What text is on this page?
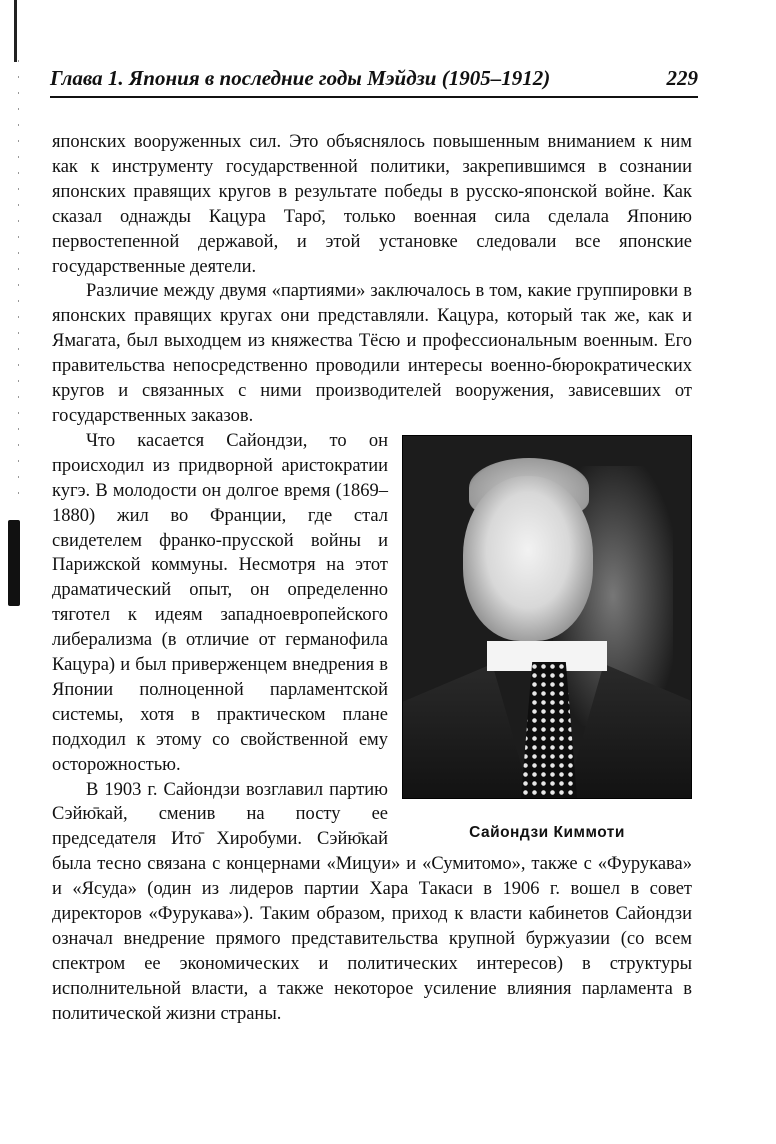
Глава 1. Япония в последние годы Мэйдзи (1905–1912)	229

японских вооруженных сил. Это объяснялось повышенным вниманием к ним как к инструменту государственной политики, закрепившимся в сознании японских правящих кругов в результате победы в русско-японской войне. Как сказал однажды Кацура Таро̄, только военная сила сделала Японию первостепенной державой, и этой установке следовали все японские государственные деятели.

Различие между двумя «партиями» заключалось в том, какие группировки в японских правящих кругах они представляли. Кацура, который так же, как и Ямагата, был выходцем из княжества Тёсю и профессиональным военным. Его правительства непосредственно проводили интересы военно-бюрократических кругов и связанных с ними производителей вооружения, зависевших от государственных заказов.

Сайондзи Киммоти

Что касается Сайондзи, то он происходил из придворной аристократии кугэ. В молодости он долгое время (1869–1880) жил во Франции, где стал свидетелем франко-прусской войны и Парижской коммуны. Несмотря на этот драматический опыт, он определенно тяготел к идеям западноевропейского либерализма (в отличие от германофила Кацура) и был приверженцем внедрения в Японии полноценной парламентской системы, хотя в практическом плане подходил к этому со свойственной ему осторожностью.

В 1903 г. Сайондзи возглавил партию Сэйю̄кай, сменив на посту ее председателя Ито̄ Хиробуми. Сэйю̄кай была тесно связана с концернами «Мицуи» и «Сумитомо», также с «Фурукава» и «Ясуда» (один из лидеров партии Хара Такаси в 1906 г. вошел в совет директоров «Фурукава»). Таким образом, приход к власти кабинетов Сайондзи означал внедрение прямого представительства крупной буржуазии (со всем спектром ее экономических и политических интересов) в структуры исполнительной власти, а также некоторое усиление влияния парламента в политической жизни страны.
